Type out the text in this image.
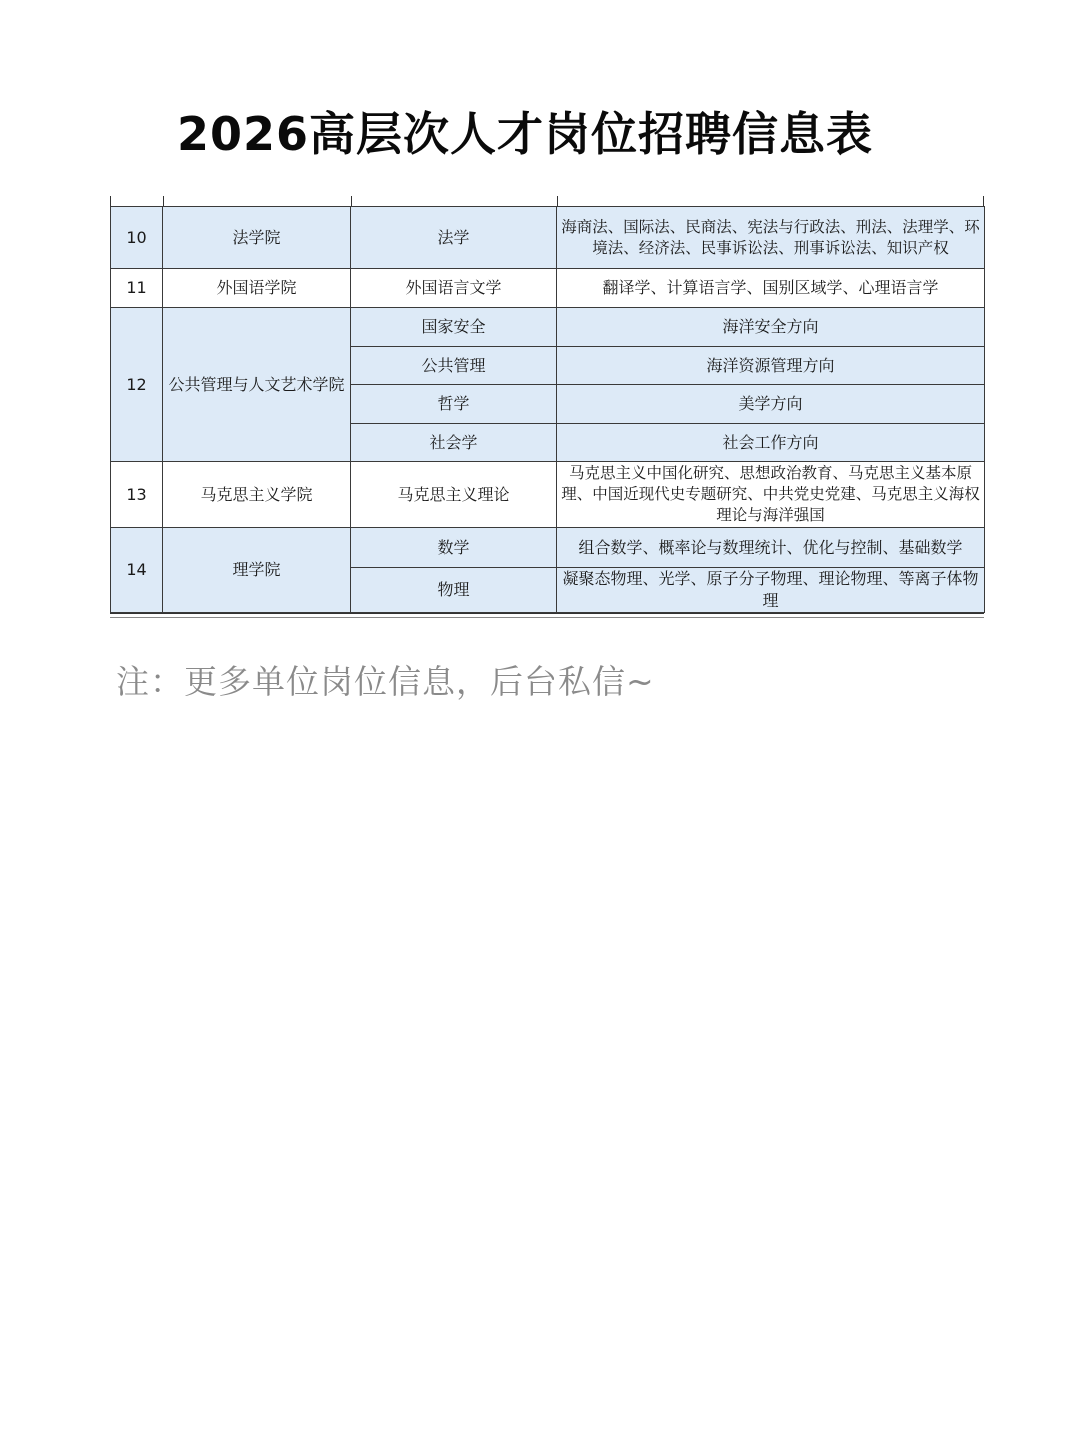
2026高层次人才岗位招聘信息表
10	法学院	法学	海商法、国际法、民商法、宪法与行政法、刑法、法理学、环境法、经济法、民事诉讼法、刑事诉讼法、知识产权
11	外国语学院	外国语言文学	翻译学、计算语言学、国别区域学、心理语言学
12	公共管理与人文艺术学院	国家安全	海洋安全方向
		公共管理	海洋资源管理方向
		哲学	美学方向
		社会学	社会工作方向
13	马克思主义学院	马克思主义理论	马克思主义中国化研究、思想政治教育、马克思主义基本原理、中国近现代史专题研究、中共党史党建、马克思主义海权理论与海洋强国
14	理学院	数学	组合数学、概率论与数理统计、优化与控制、基础数学
		物理	凝聚态物理、光学、原子分子物理、理论物理、等离子体物理
注：更多单位岗位信息，后台私信~
